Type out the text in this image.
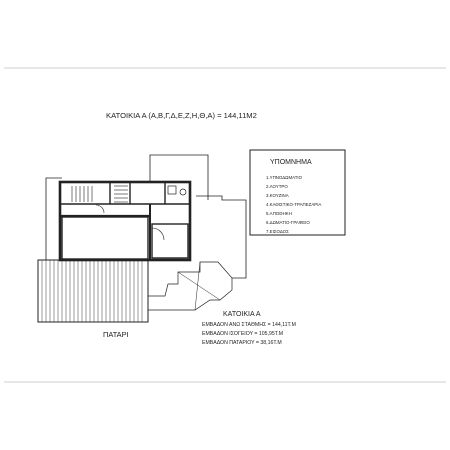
ΚΑΤΟΙΚΙΑ Α (Α,Β,Γ,Δ,Ε,Ζ,Η,Θ,Α) = 144,11M2
ΥΠΟΜΝΗΜΑ
1.ΥΠΝΟΔΩΜΑΤΙΟ
2.ΛΟΥΤΡΟ
3.ΚΟΥΖΙΝΑ
4.ΚΑΘΙΣΤΙΚΟ-ΤΡΑΠΕΖΑΡΙΑ
5.ΑΠΟΘΗΚΗ
6.ΔΩΜΑΤΙΟ-ΓΡΑΦΕΙΟ
7.ΕΙΣΟΔΟΣ
ΠΑΤΑΡΙ
ΚΑΤΟΙΚΙΑ Α
ΕΜΒΑΔΟΝ ΑΝΩ ΣΤΑΘΜΗΣ = 144,11Τ.Μ
ΕΜΒΑΔΟΝ ΙΣΟΓΕΙΟΥ = 105,95Τ.Μ
ΕΜΒΑΔΟΝ ΠΑΤΑΡΙΟΥ = 38,16Τ.Μ
